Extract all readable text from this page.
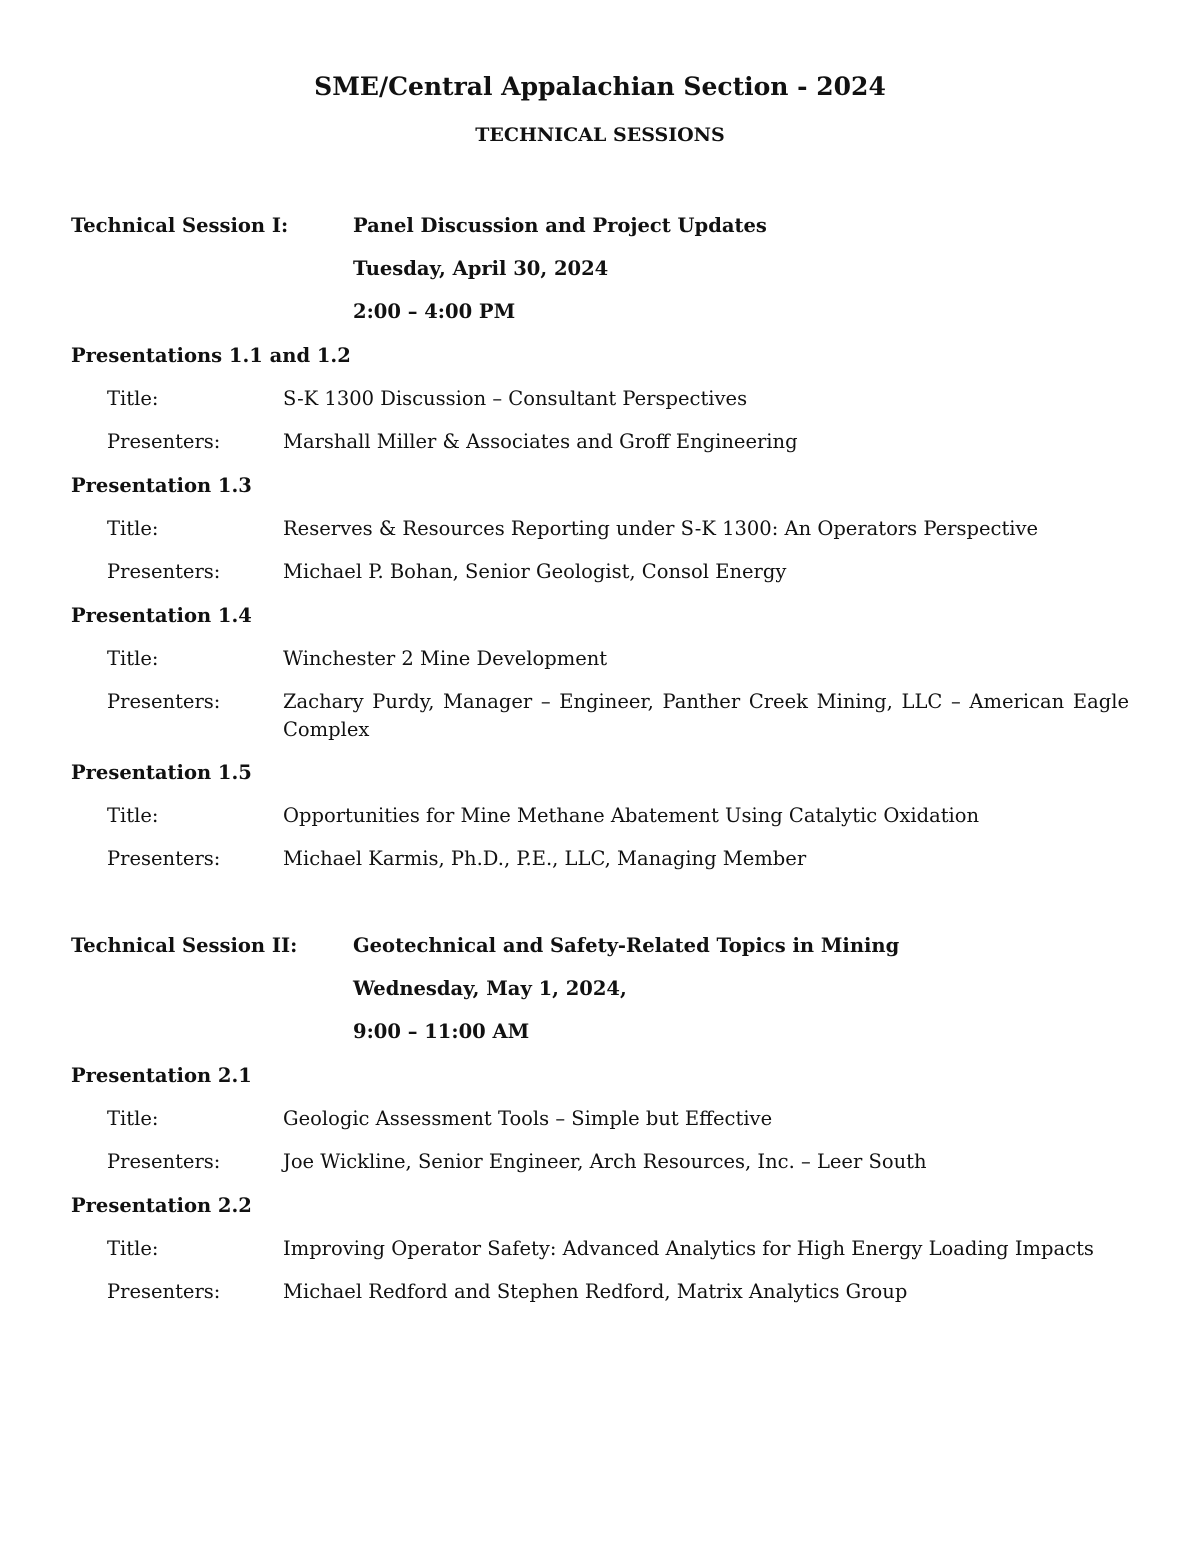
SME/Central Appalachian Section - 2024
TECHNICAL SESSIONS
Technical Session I:	Panel Discussion and Project Updates
Tuesday, April 30, 2024
2:00 – 4:00 PM
Presentations 1.1 and 1.2
Title:	S-K 1300 Discussion – Consultant Perspectives
Presenters:	Marshall Miller & Associates and Groff Engineering
Presentation 1.3
Title:	Reserves & Resources Reporting under S-K 1300: An Operators Perspective
Presenters:	Michael P. Bohan, Senior Geologist, Consol Energy
Presentation 1.4
Title:	Winchester 2 Mine Development
Presenters:	Zachary Purdy, Manager – Engineer, Panther Creek Mining, LLC – American Eagle Complex
Presentation 1.5
Title:	Opportunities for Mine Methane Abatement Using Catalytic Oxidation
Presenters:	Michael Karmis, Ph.D., P.E., LLC, Managing Member
Technical Session II:	Geotechnical and Safety-Related Topics in Mining
Wednesday, May 1, 2024,
9:00 – 11:00 AM
Presentation 2.1
Title:	Geologic Assessment Tools – Simple but Effective
Presenters:	Joe Wickline, Senior Engineer, Arch Resources, Inc. – Leer South
Presentation 2.2
Title:	Improving Operator Safety: Advanced Analytics for High Energy Loading Impacts
Presenters:	Michael Redford and Stephen Redford, Matrix Analytics Group
